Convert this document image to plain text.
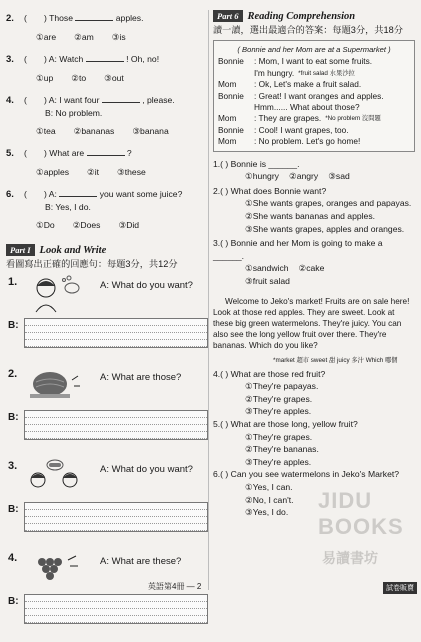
2. ( ) Those	apples.
①are ②am ③is
3. ( ) A: Watch	! Oh, no!
①up ②to ③out
4. ( ) A: I want four	, please.
B: No problem.
①tea ②bananas ③banana
5. ( ) What are	?
①apples ②it ③these
6. ( ) A:	you want some juice?
B: Yes, I do.
①Do ②Does ③Did
Part I Look and Write
看圖寫出正確的回應句：每題3分，共12分
1.	A: What do you want?
B:
2.	A: What are those?
B:
3.	A: What do you want?
B:
4.	A: What are these?
B:
Part 6 Reading Comprehension
讀一讀，選出最適合的答案：每題3分，共18分
( Bonnie and her Mom are at a Supermarket )
Bonnie	: Mom, I want to eat some fruits.
I'm hungry. *fruit salad 水果沙拉
Mom	: Ok, Let's make a fruit salad.
Bonnie	: Great! I want oranges and apples.
Hmm...... What about those?
Mom	: They are grapes. *No problem 沒問題
Bonnie	: Cool! I want grapes, too.
Mom	: No problem. Let's go home!
1.( ) Bonnie is ______.
①hungry ②angry ③sad
2.( ) What does Bonnie want?
①She wants grapes, oranges and papayas.
②She wants bananas and apples.
③She wants grapes, apples and oranges.
3.( ) Bonnie and her Mom is going to make a ______.
①sandwich ②cake
③fruit salad
Welcome to Jeko's market! Fruits are on sale here! Look at those red apples. They are sweet. Look at these big green watermelons. They're juicy. You can also see the long yellow fruit over there. They're bananas. Which do you like?
*market 超市 sweet 甜 juicy 多汁 Which 哪個
4.( ) What are those red fruit?
①They're papayas.
②They're grapes.
③They're apples.
5.( ) What are those long, yellow fruit?
①They're grapes.
②They're bananas.
③They're apples.
6.( ) Can you see watermelons in Jeko's Market?
①Yes, I can.
②No, I can't.
③Yes, I do.	JIDU BOOKS
易讀書坊
英語第4冊 — 2	試卷販賣
